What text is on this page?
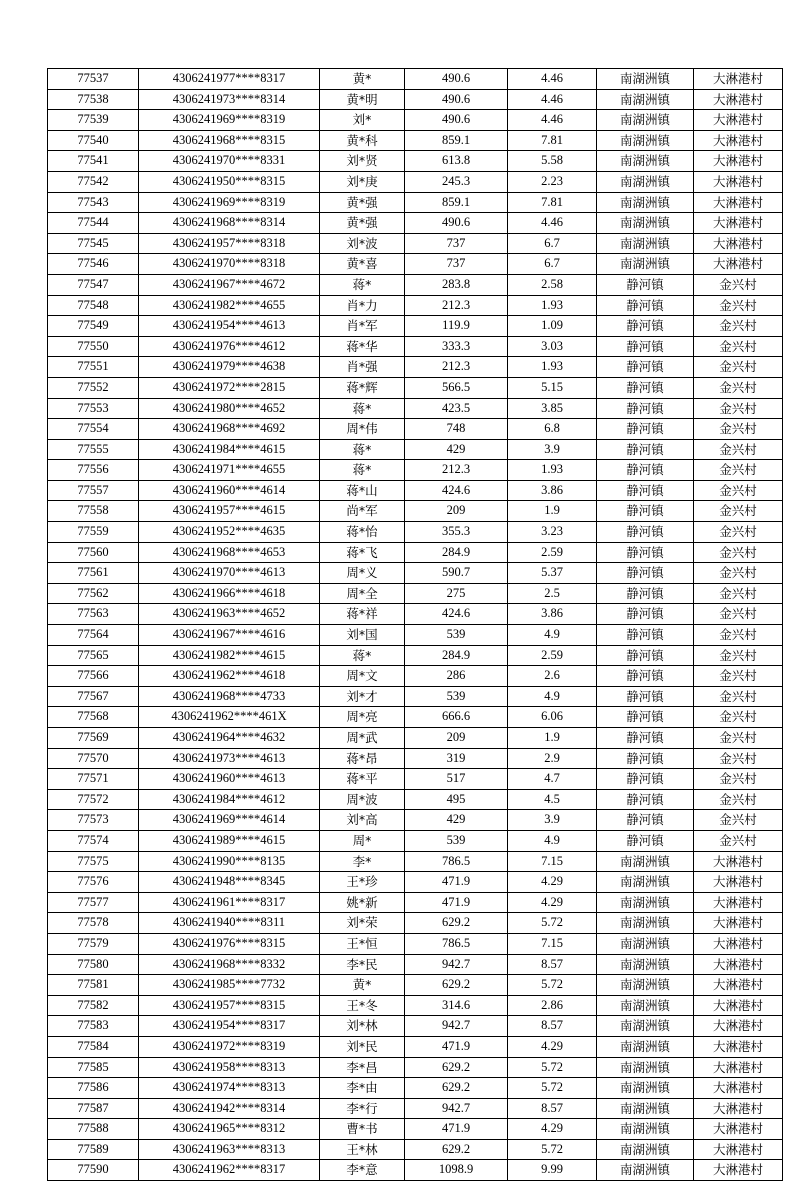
77537	4306241977****8317	黄*	490.6	4.46	南湖洲镇	大淋港村
77538	4306241973****8314	黄*明	490.6	4.46	南湖洲镇	大淋港村
77539	4306241969****8319	刘*	490.6	4.46	南湖洲镇	大淋港村
77540	4306241968****8315	黄*科	859.1	7.81	南湖洲镇	大淋港村
77541	4306241970****8331	刘*贤	613.8	5.58	南湖洲镇	大淋港村
77542	4306241950****8315	刘*庚	245.3	2.23	南湖洲镇	大淋港村
77543	4306241969****8319	黄*强	859.1	7.81	南湖洲镇	大淋港村
77544	4306241968****8314	黄*强	490.6	4.46	南湖洲镇	大淋港村
77545	4306241957****8318	刘*波	737	6.7	南湖洲镇	大淋港村
77546	4306241970****8318	黄*喜	737	6.7	南湖洲镇	大淋港村
77547	4306241967****4672	蒋*	283.8	2.58	静河镇	金兴村
77548	4306241982****4655	肖*力	212.3	1.93	静河镇	金兴村
77549	4306241954****4613	肖*军	119.9	1.09	静河镇	金兴村
77550	4306241976****4612	蒋*华	333.3	3.03	静河镇	金兴村
77551	4306241979****4638	肖*强	212.3	1.93	静河镇	金兴村
77552	4306241972****2815	蒋*辉	566.5	5.15	静河镇	金兴村
77553	4306241980****4652	蒋*	423.5	3.85	静河镇	金兴村
77554	4306241968****4692	周*伟	748	6.8	静河镇	金兴村
77555	4306241984****4615	蒋*	429	3.9	静河镇	金兴村
77556	4306241971****4655	蒋*	212.3	1.93	静河镇	金兴村
77557	4306241960****4614	蒋*山	424.6	3.86	静河镇	金兴村
77558	4306241957****4615	尚*军	209	1.9	静河镇	金兴村
77559	4306241952****4635	蒋*怡	355.3	3.23	静河镇	金兴村
77560	4306241968****4653	蒋*飞	284.9	2.59	静河镇	金兴村
77561	4306241970****4613	周*义	590.7	5.37	静河镇	金兴村
77562	4306241966****4618	周*全	275	2.5	静河镇	金兴村
77563	4306241963****4652	蒋*祥	424.6	3.86	静河镇	金兴村
77564	4306241967****4616	刘*国	539	4.9	静河镇	金兴村
77565	4306241982****4615	蒋*	284.9	2.59	静河镇	金兴村
77566	4306241962****4618	周*文	286	2.6	静河镇	金兴村
77567	4306241968****4733	刘*才	539	4.9	静河镇	金兴村
77568	4306241962****461X	周*亮	666.6	6.06	静河镇	金兴村
77569	4306241964****4632	周*武	209	1.9	静河镇	金兴村
77570	4306241973****4613	蒋*昂	319	2.9	静河镇	金兴村
77571	4306241960****4613	蒋*平	517	4.7	静河镇	金兴村
77572	4306241984****4612	周*波	495	4.5	静河镇	金兴村
77573	4306241969****4614	刘*高	429	3.9	静河镇	金兴村
77574	4306241989****4615	周*	539	4.9	静河镇	金兴村
77575	4306241990****8135	李*	786.5	7.15	南湖洲镇	大淋港村
77576	4306241948****8345	王*珍	471.9	4.29	南湖洲镇	大淋港村
77577	4306241961****8317	姚*新	471.9	4.29	南湖洲镇	大淋港村
77578	4306241940****8311	刘*荣	629.2	5.72	南湖洲镇	大淋港村
77579	4306241976****8315	王*恒	786.5	7.15	南湖洲镇	大淋港村
77580	4306241968****8332	李*民	942.7	8.57	南湖洲镇	大淋港村
77581	4306241985****7732	黄*	629.2	5.72	南湖洲镇	大淋港村
77582	4306241957****8315	王*冬	314.6	2.86	南湖洲镇	大淋港村
77583	4306241954****8317	刘*林	942.7	8.57	南湖洲镇	大淋港村
77584	4306241972****8319	刘*民	471.9	4.29	南湖洲镇	大淋港村
77585	4306241958****8313	李*昌	629.2	5.72	南湖洲镇	大淋港村
77586	4306241974****8313	李*由	629.2	5.72	南湖洲镇	大淋港村
77587	4306241942****8314	李*行	942.7	8.57	南湖洲镇	大淋港村
77588	4306241965****8312	曹*书	471.9	4.29	南湖洲镇	大淋港村
77589	4306241963****8313	王*林	629.2	5.72	南湖洲镇	大淋港村
77590	4306241962****8317	李*意	1098.9	9.99	南湖洲镇	大淋港村
